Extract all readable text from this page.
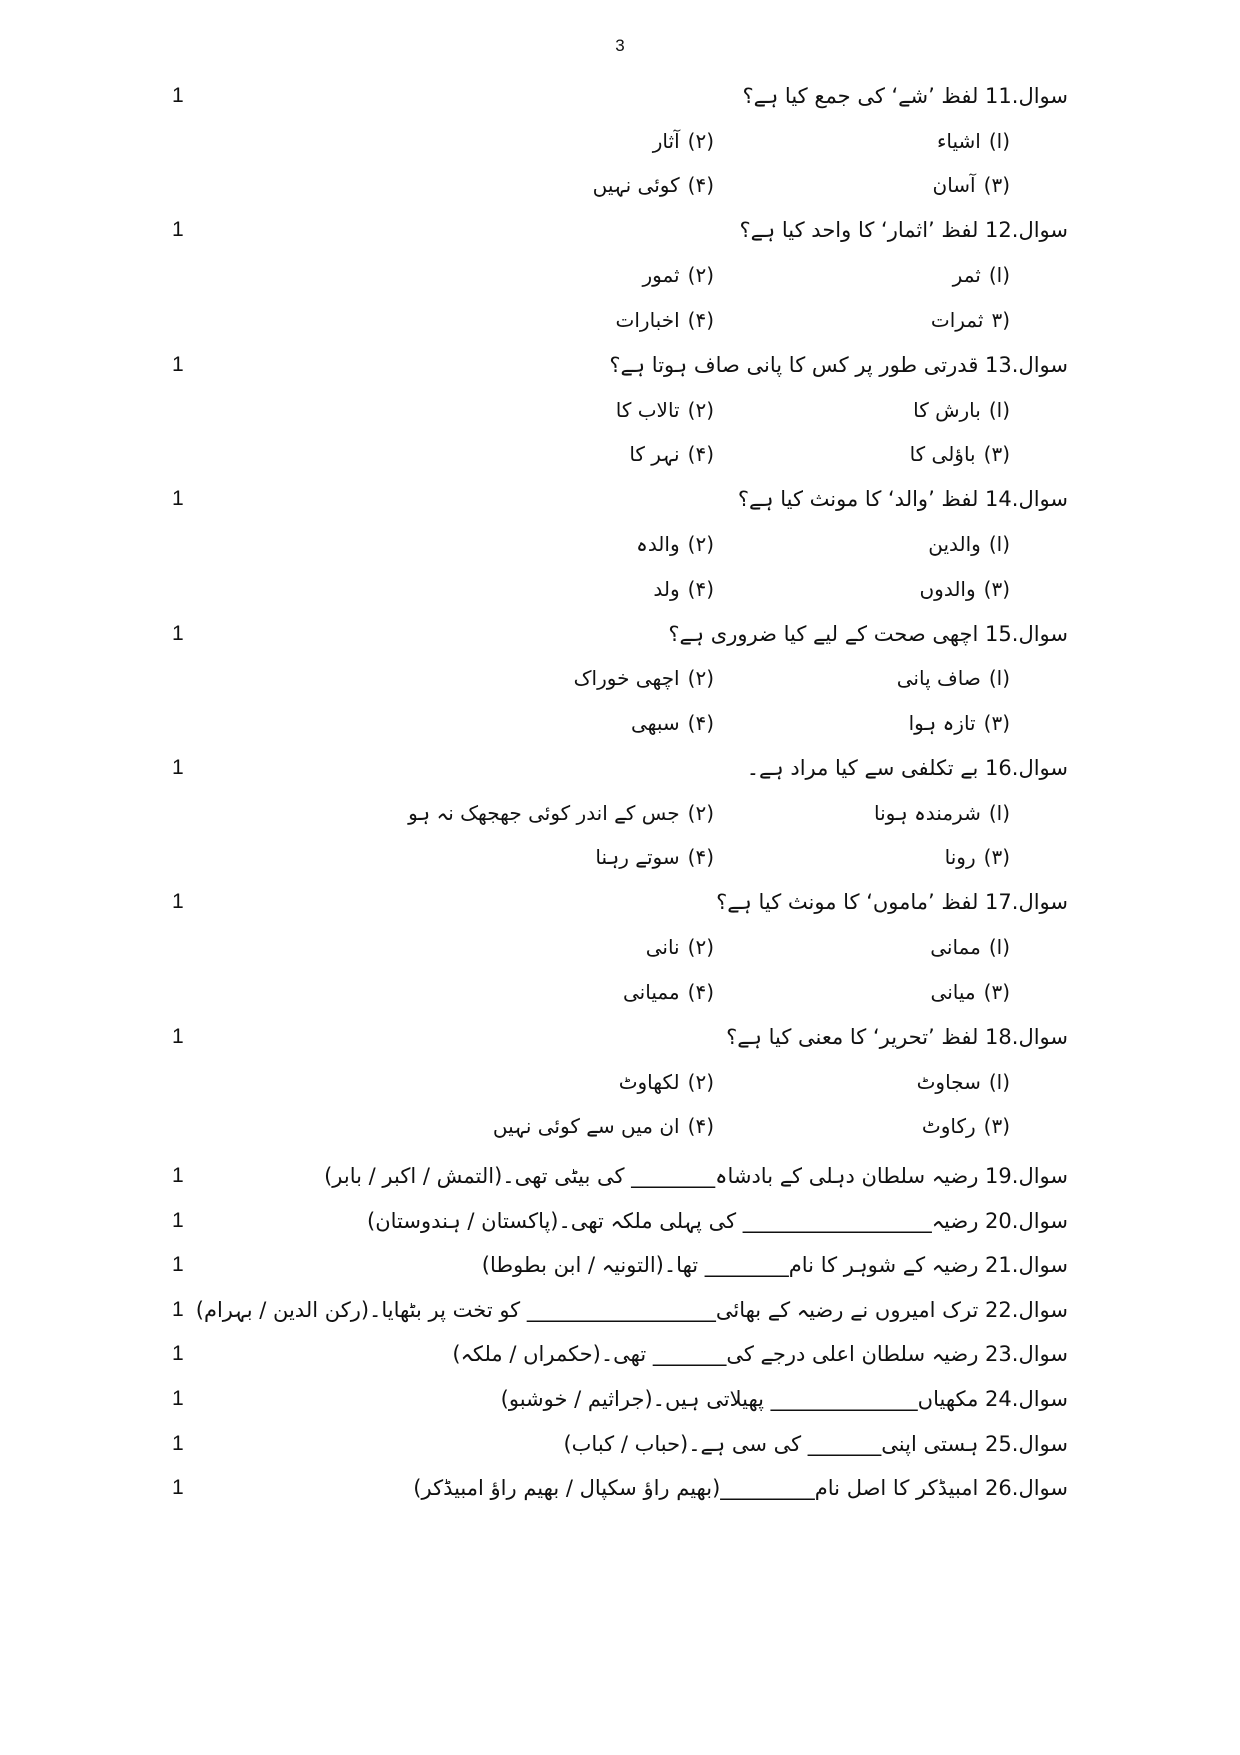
3
سوال.11 لفظ ’شے‘ کی جمع کیا ہے؟
1
(ا)اشیاء
(۲)آثار
(۳)آسان
(۴)کوئی نہیں
سوال.12 لفظ ’اثمار‘ کا واحد کیا ہے؟
1
(ا)ثمر
(۲)ثمور
(۳ثمرات
(۴)اخبارات
سوال.13 قدرتی طور پر کس کا پانی صاف ہوتا ہے؟
1
(ا)بارش کا
(۲)تالاب کا
(۳)باؤلی کا
(۴)نہر کا
سوال.14 لفظ ’والد‘ کا مونث کیا ہے؟
1
(ا)والدین
(۲)والدہ
(۳)والدوں
(۴)ولد
سوال.15 اچھی صحت کے لیے کیا ضروری ہے؟
1
(ا)صاف پانی
(۲)اچھی خوراک
(۳)تازہ ہوا
(۴)سبھی
سوال.16 بے تکلفی سے کیا مراد ہے۔
1
(ا)شرمندہ ہونا
(۲)جس کے اندر کوئی جھجھک نہ ہو
(۳)رونا
(۴)سوتے رہنا
سوال.17 لفظ ’ماموں‘ کا مونث کیا ہے؟
1
(ا)ممانی
(۲)نانی
(۳)میانی
(۴)ممیانی
سوال.18 لفظ ’تحریر‘ کا معنی کیا ہے؟
1
(ا)سجاوٹ
(۲)لکھاوٹ
(۳)رکاوٹ
(۴)ان میں سے کوئی نہیں
سوال.19 رضیہ سلطان دہلی کے بادشاہ________ کی بیٹی تھی۔(التمش / اکبر / بابر)
1
سوال.20 رضیہ__________________ کی پہلی ملکہ تھی۔(پاکستان / ہندوستان)
1
سوال.21 رضیہ کے شوہر کا نام________ تھا۔(التونیہ / ابن بطوطا)
1
سوال.22 ترک امیروں نے رضیہ کے بھائی__________________ کو تخت پر بٹھایا۔(رکن الدین / بہرام)
1
سوال.23 رضیہ سلطان اعلی درجے کی_______ تھی۔(حکمراں / ملکہ)
1
سوال.24 مکھیاں______________ پھیلاتی ہیں۔(جراثیم / خوشبو)
1
سوال.25 ہستی اپنی_______ کی سی ہے۔(حباب / کباب)
1
سوال.26 امبیڈکر کا اصل نام_________(بھیم راؤ سکپال / بھیم راؤ امبیڈکر)
1
